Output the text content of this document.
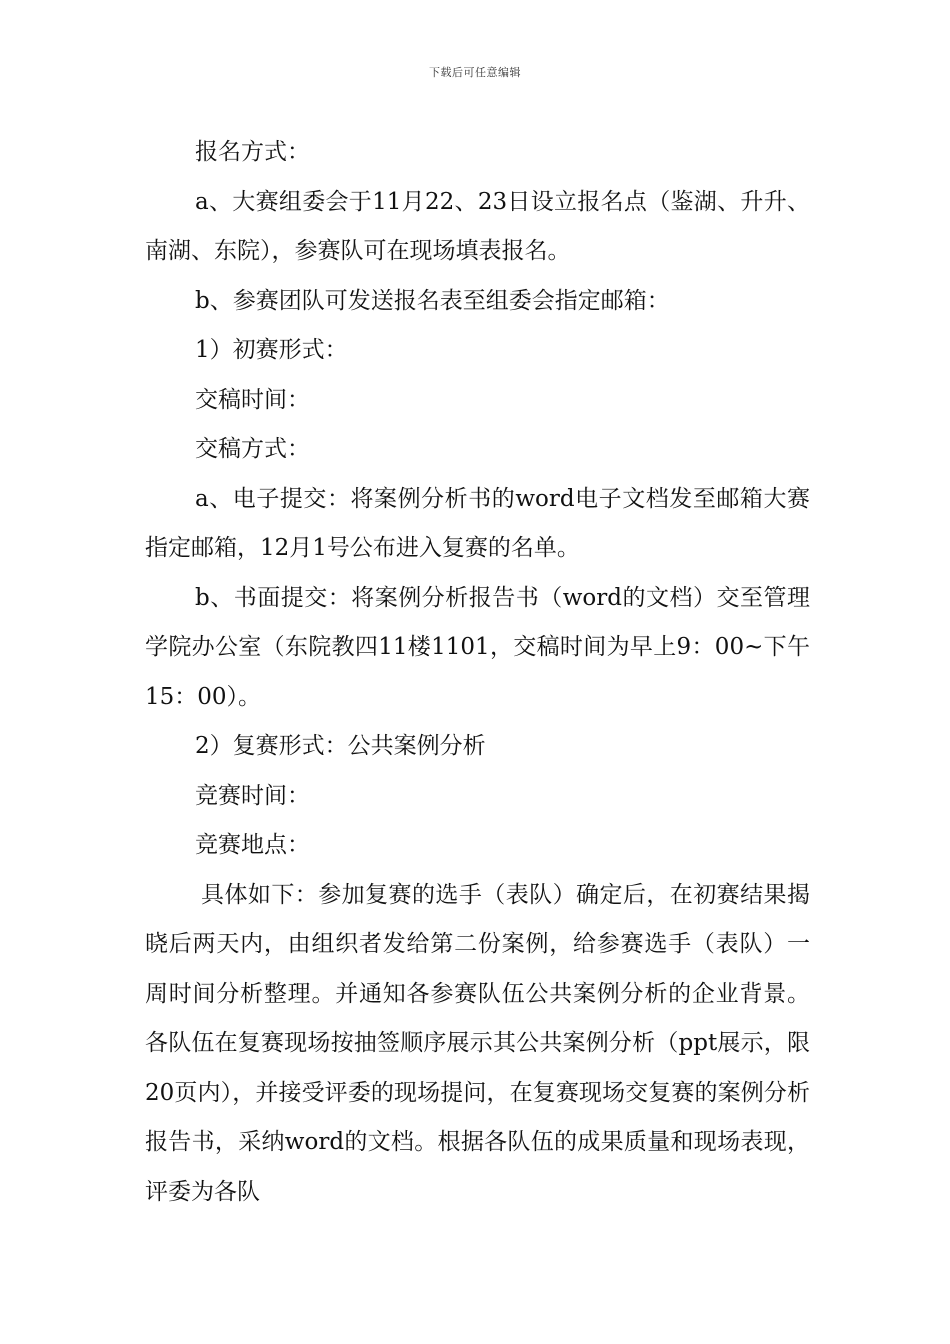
下载后可任意编辑

报名方式：

a、大赛组委会于11月22、23日设立报名点（鉴湖、升升、南湖、东院），参赛队可在现场填表报名。

b、参赛团队可发送报名表至组委会指定邮箱：

1）初赛形式：

交稿时间：

交稿方式：

a、电子提交：将案例分析书的word电子文档发至邮箱大赛指定邮箱，12月1号公布进入复赛的名单。

b、书面提交：将案例分析报告书（word的文档）交至管理学院办公室（东院教四11楼1101，交稿时间为早上9：00~下午15：00）。

2）复赛形式：公共案例分析

竞赛时间：

竞赛地点：

具体如下：参加复赛的选手（表队）确定后，在初赛结果揭晓后两天内，由组织者发给第二份案例，给参赛选手（表队）一周时间分析整理。并通知各参赛队伍公共案例分析的企业背景。各队伍在复赛现场按抽签顺序展示其公共案例分析（ppt展示，限20页内），并接受评委的现场提问，在复赛现场交复赛的案例分析报告书，采纳word的文档。根据各队伍的成果质量和现场表现，评委为各队
